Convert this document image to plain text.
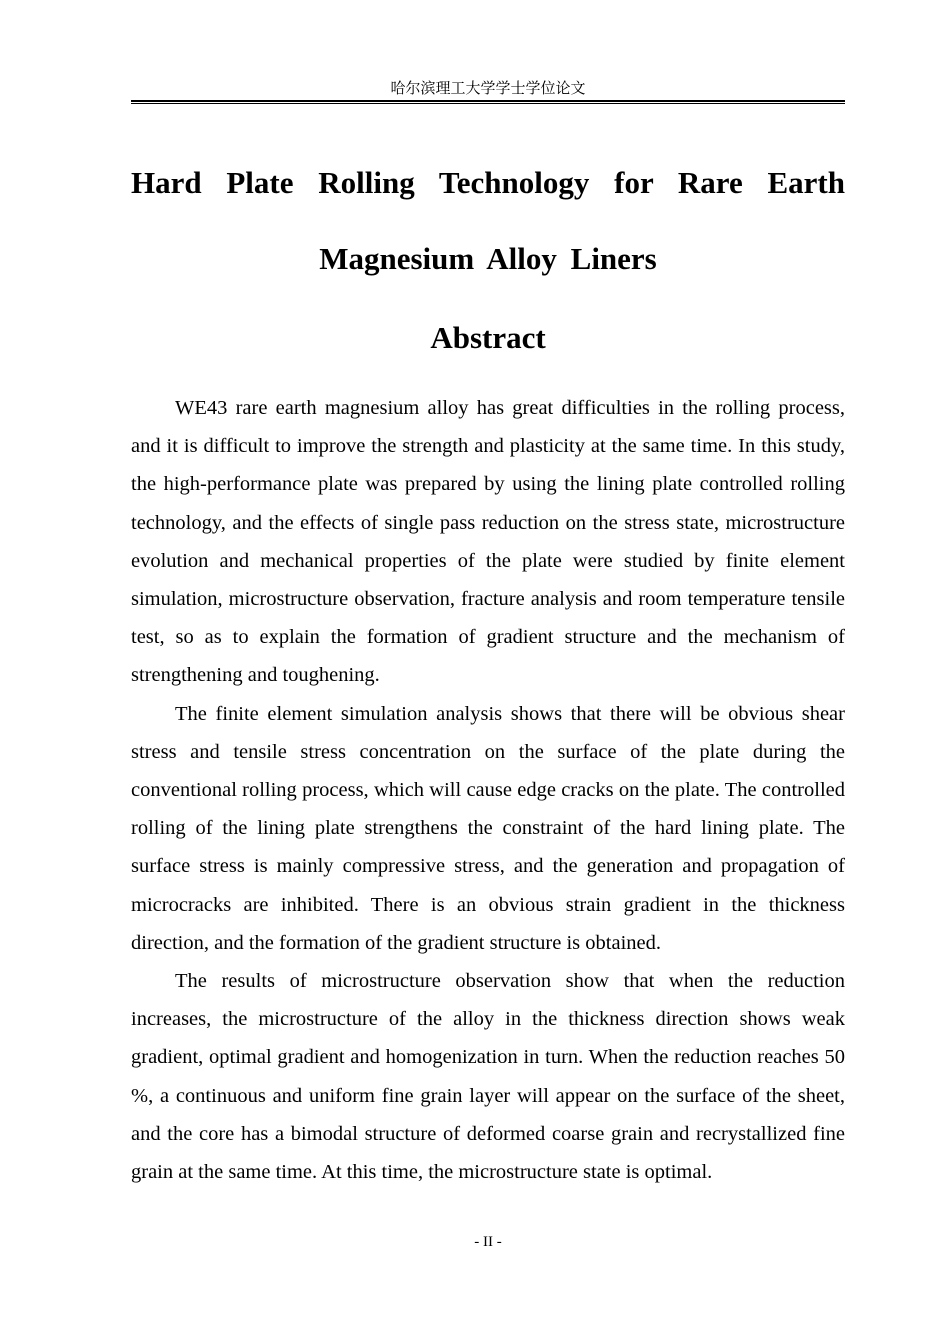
哈尔滨理工大学学士学位论文
Hard Plate Rolling Technology for Rare Earth Magnesium Alloy Liners
Abstract

WE43 rare earth magnesium alloy has great difficulties in the rolling process, and it is difficult to improve the strength and plasticity at the same time. In this study, the high-performance plate was prepared by using the lining plate controlled rolling technology, and the effects of single pass reduction on the stress state, microstructure evolution and mechanical properties of the plate were studied by finite element simulation, microstructure observation, fracture analysis and room temperature tensile test, so as to explain the formation of gradient structure and the mechanism of strengthening and toughening.

The finite element simulation analysis shows that there will be obvious shear stress and tensile stress concentration on the surface of the plate during the conventional rolling process, which will cause edge cracks on the plate. The controlled rolling of the lining plate strengthens the constraint of the hard lining plate. The surface stress is mainly compressive stress, and the generation and propagation of microcracks are inhibited. There is an obvious strain gradient in the thickness direction, and the formation of the gradient structure is obtained.

The results of microstructure observation show that when the reduction increases, the microstructure of the alloy in the thickness direction shows weak gradient, optimal gradient and homogenization in turn. When the reduction reaches 50 %, a continuous and uniform fine grain layer will appear on the surface of the sheet, and the core has a bimodal structure of deformed coarse grain and recrystallized fine grain at the same time. At this time, the microstructure state is optimal.

- II -
